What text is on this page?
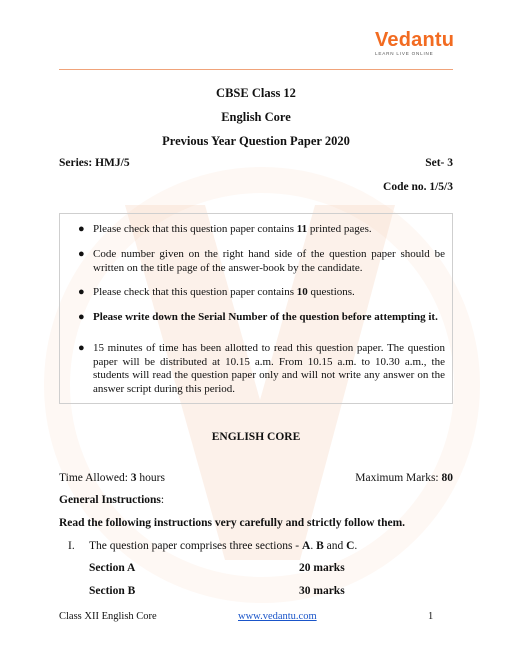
Vedantu
LEARN LIVE ONLINE
CBSE Class 12
English Core
Previous Year Question Paper 2020
Series: HMJ/5	Set- 3
Code no. 1/5/3
● Please check that this question paper contains 11 printed pages.
● Code number given on the right hand side of the question paper should be written on the title page of the answer-book by the candidate.
● Please check that this question paper contains 10 questions.
● Please write down the Serial Number of the question before attempting it.
● 15 minutes of time has been allotted to read this question paper. The question paper will be distributed at 10.15 a.m. From 10.15 a.m. to 10.30 a.m., the students will read the question paper only and will not write any answer on the answer script during this period.
ENGLISH CORE
Time Allowed: 3 hours	Maximum Marks: 80
General Instructions:
Read the following instructions very carefully and strictly follow them.
I. The question paper comprises three sections - A. B and C.
Section A	20 marks
Section B	30 marks
Class XII English Core	www.vedantu.com	1
